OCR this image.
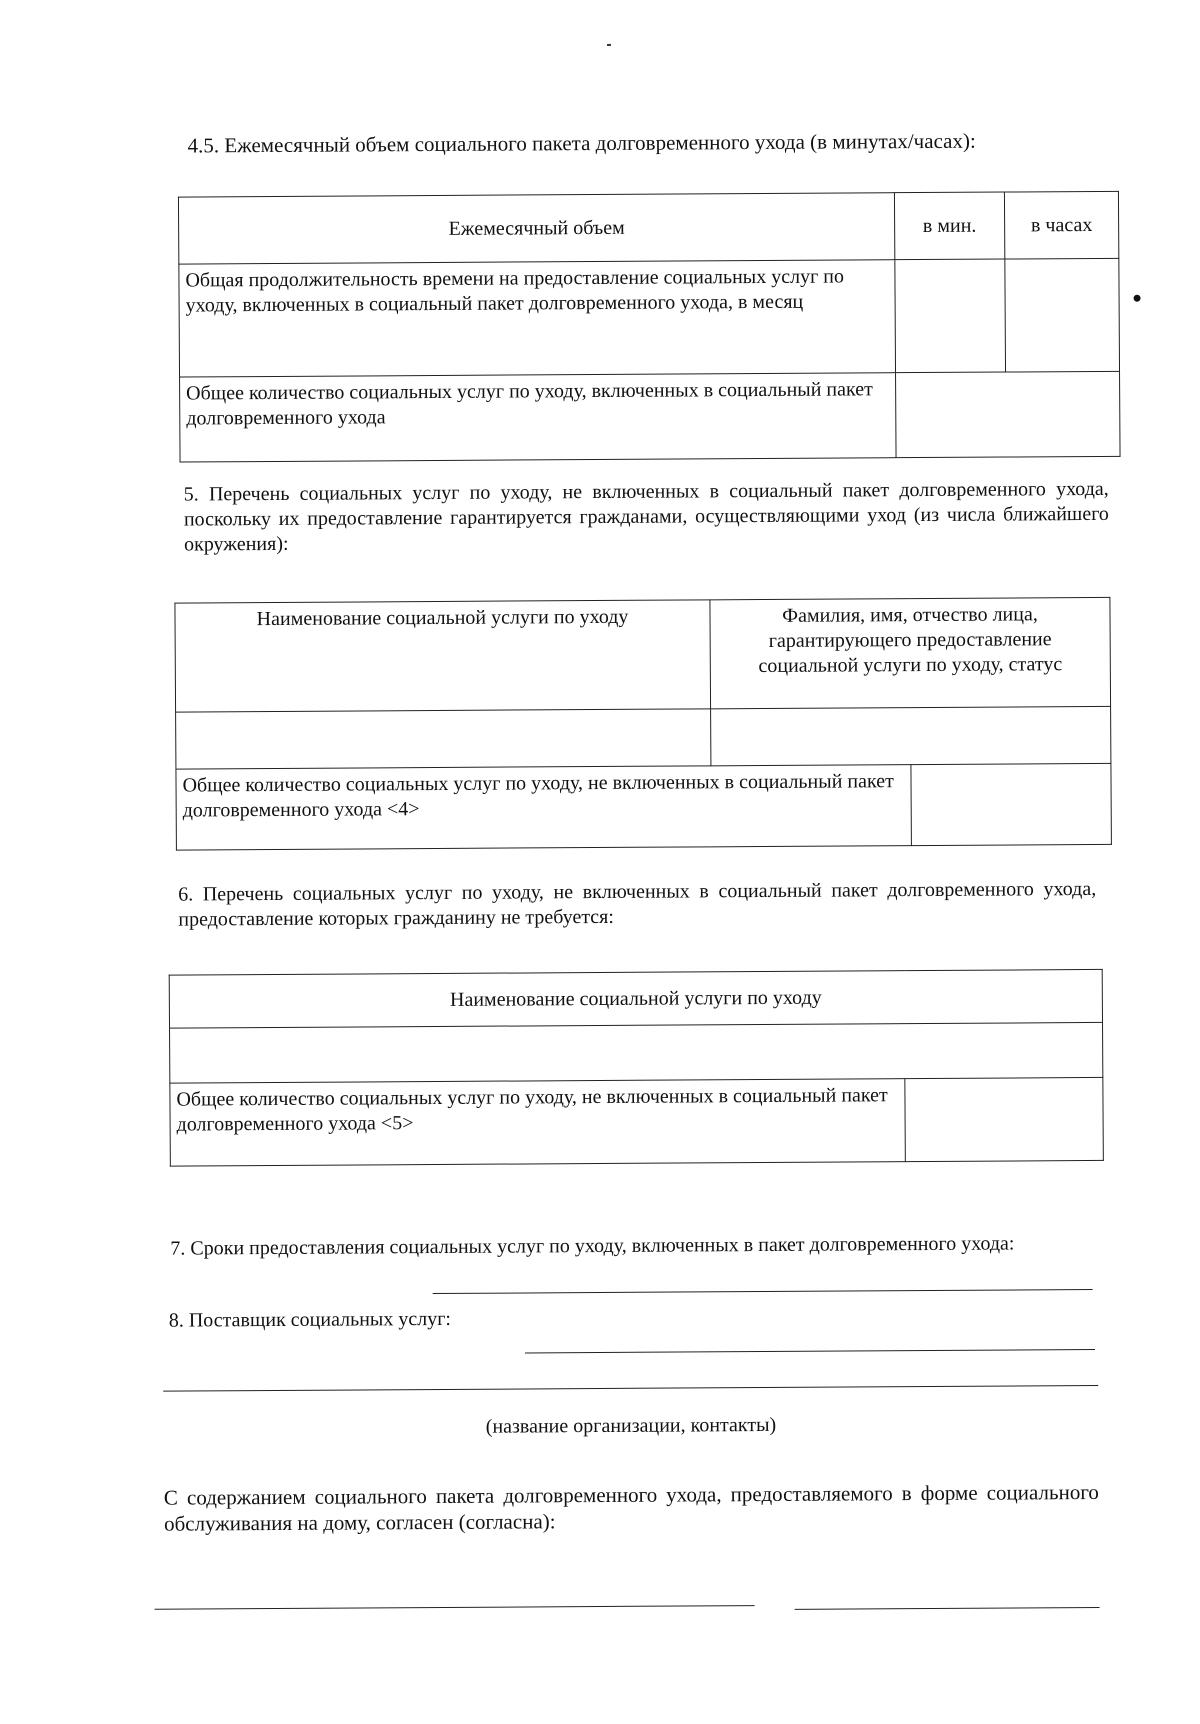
4.5. Ежемесячный объем социального пакета долговременного ухода (в минутах/часах):

Ежемесячный объем	в мин.	в часах
Общая продолжительность времени на предоставление социальных услуг по уходу, включенных в социальный пакет долговременного ухода, в месяц		
Общее количество социальных услуг по уходу, включенных в социальный пакет долговременного ухода		

5. Перечень социальных услуг по уходу, не включенных в социальный пакет долговременного ухода, поскольку их предоставление гарантируется гражданами, осуществляющими уход (из числа ближайшего окружения):

Наименование социальной услуги по уходу	Фамилия, имя, отчество лица, гарантирующего предоставление социальной услуги по уходу, статус	

Общее количество социальных услуг по уходу, не включенных в социальный пакет долговременного ухода <4>		

6. Перечень социальных услуг по уходу, не включенных в социальный пакет долговременного ухода, предоставление которых гражданину не требуется:

Наименование социальной услуги по уходу

Общее количество социальных услуг по уходу, не включенных в социальный пакет долговременного ухода <5>	

7. Сроки предоставления социальных услуг по уходу, включенных в пакет долговременного ухода:

8. Поставщик социальных услуг:

(название организации, контакты)

С содержанием социального пакета долговременного ухода, предоставляемого в форме социального обслуживания на дому, согласен (согласна):
